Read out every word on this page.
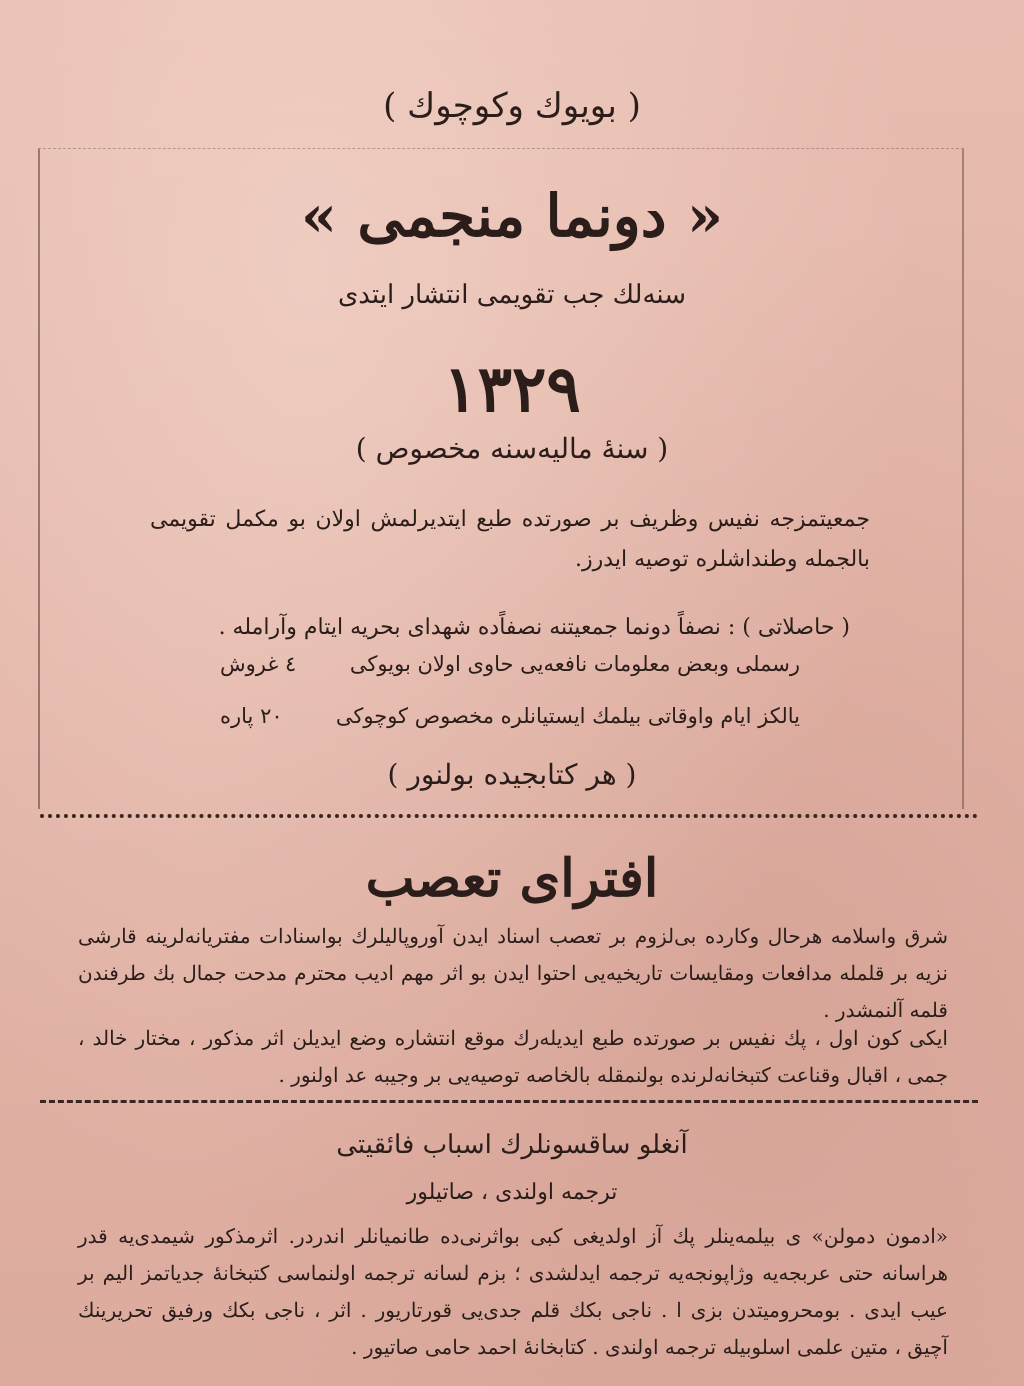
( بویوك وكوچوك )
« دونما منجمی »
سنه‌لك جب تقویمی انتشار ایتدی
١٣٢٩
( سنهٔ مالیه‌سنه مخصوص )
جمعیتمزجه نفیس وظریف بر صورتده طبع ایتدیرلمش اولان بو مکمل تقویمی بالجمله وطنداشلره توصیه ایدرز.
( حاصلاتی ) : نصفاً دونما جمعیتنه نصفاً‌ده شهدای بحریه ایتام وآرامله .
رسملی وبعض معلومات نافعه‌یی حاوی اولان بویوكی
٤ غروش
یالکز ایام واوقاتی بیلمك ایستیانلره مخصوص کوچوکی
٢٠ پاره
( هر کتابجیده بولنور )
افترای تعصب
شرق واسلامه هرحال وکارده بی‌لزوم بر تعصب اسناد ایدن آوروپالیلرك بواسنادات مفتریانه‌لرینه قارشی نزیه بر قلمله مدافعات ومقایسات تاریخیه‌یی احتوا ایدن بو اثر مهم ادیب محترم مدحت جمال بك طرفندن قلمه آلنمشدر .
ایکی کون اول ، پك نفیس بر صورتده طبع ایدیله‌رك موقع انتشاره وضع ایدیلن اثر مذکور ، مختار خالد ، جمی ، اقبال وقناعت کتبخانه‌لرنده بولنمقله بالخاصه توصیه‌یی بر وجیبه عد اولنور .
آنغلو ساقسونلرك اسباب فائقیتی
ترجمه اولندی ، صاتیلور
«ادمون دمولن» ی بیلمه‌ینلر پك آز اولدیغی کبی بواثرنی‌ده طانمیانلر اندردر. اثرمذکور شیمدی‌یه قدر هراسانه حتی عربجه‌یه وژاپونجه‌یه ترجمه ایدلشدی ؛ بزم لسانه ترجمه اولنماسی کتبخانهٔ جدیاتمز الیم بر عیب ایدی . بومحرومیتدن بزی ا . ناجی بکك قلم جدی‌یی قورتاریور . اثر ، ناجی بکك ورفیق تحریرینك آچیق ، متین علمی اسلوبیله ترجمه اولندی . کتابخانهٔ احمد حامی صاتیور .
